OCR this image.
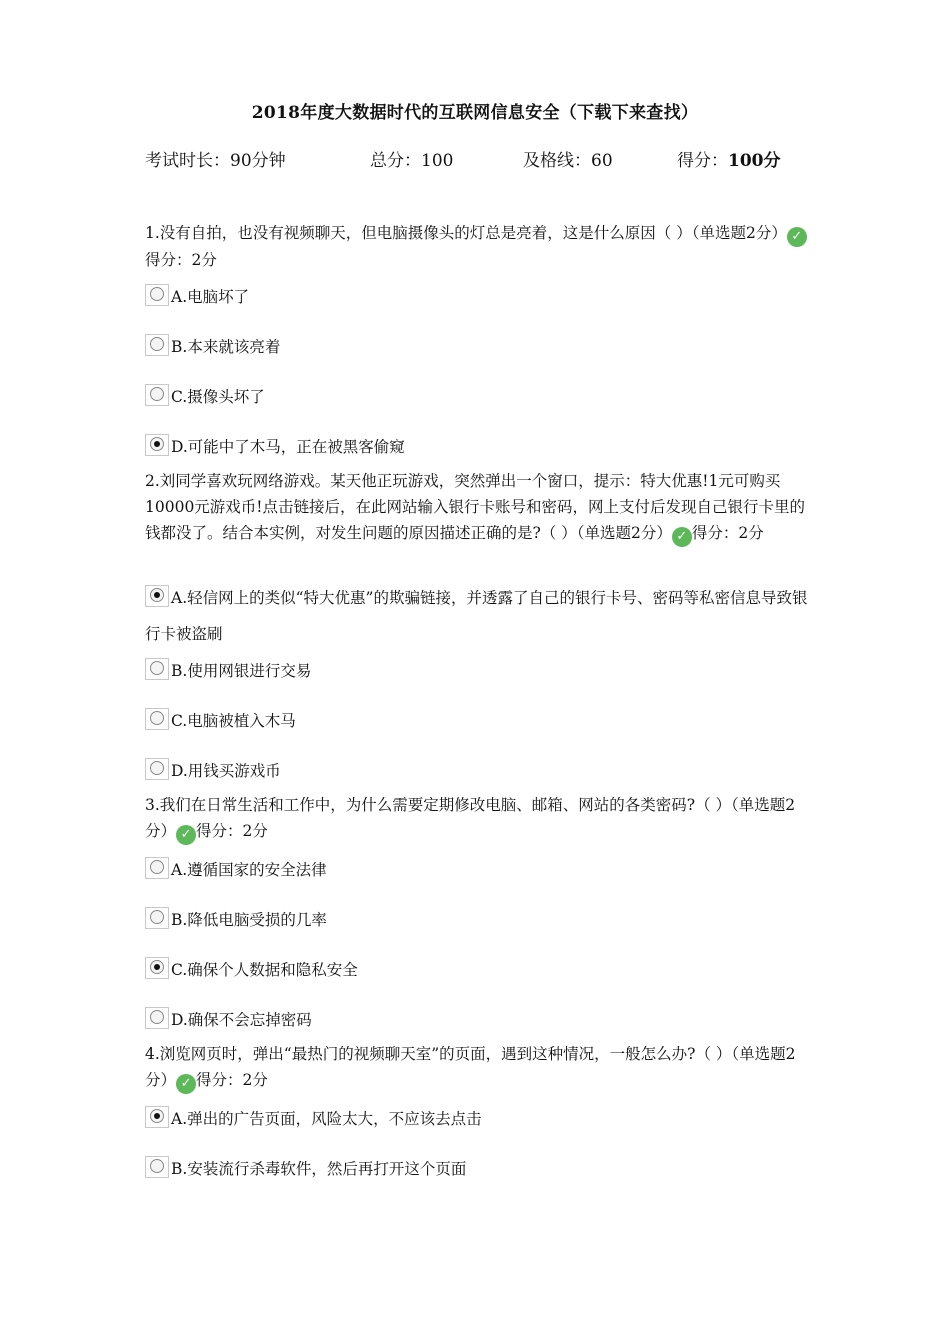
2018年度大数据时代的互联网信息安全（下载下来查找）
考试时长：90分钟	总分：100	及格线：60	得分：100分

1.没有自拍，也没有视频聊天，但电脑摄像头的灯总是亮着，这是什么原因（ ）（单选题2分） ✓得分：2分

A.电脑坏了
B.本来就该亮着
C.摄像头坏了
D.可能中了木马，正在被黑客偷窥

2.刘同学喜欢玩网络游戏。某天他正玩游戏，突然弹出一个窗口，提示：特大优惠!1元可购买10000元游戏币!点击链接后，在此网站输入银行卡账号和密码，网上支付后发现自己银行卡里的钱都没了。结合本实例，对发生问题的原因描述正确的是?（ ）（单选题2分） ✓ 得分：2分

A.轻信网上的类似“特大优惠”的欺骗链接，并透露了自己的银行卡号、密码等私密信息导致银行卡被盗刷
B.使用网银进行交易
C.电脑被植入木马
D.用钱买游戏币

3.我们在日常生活和工作中，为什么需要定期修改电脑、邮箱、网站的各类密码?（ ）（单选题2分） ✓ 得分：2分

A.遵循国家的安全法律
B.降低电脑受损的几率
C.确保个人数据和隐私安全
D.确保不会忘掉密码

4.浏览网页时，弹出“最热门的视频聊天室”的页面，遇到这种情况，一般怎么办?（ ）（单选题2分） ✓ 得分：2分

A.弹出的广告页面，风险太大，不应该去点击
B.安装流行杀毒软件，然后再打开这个页面
